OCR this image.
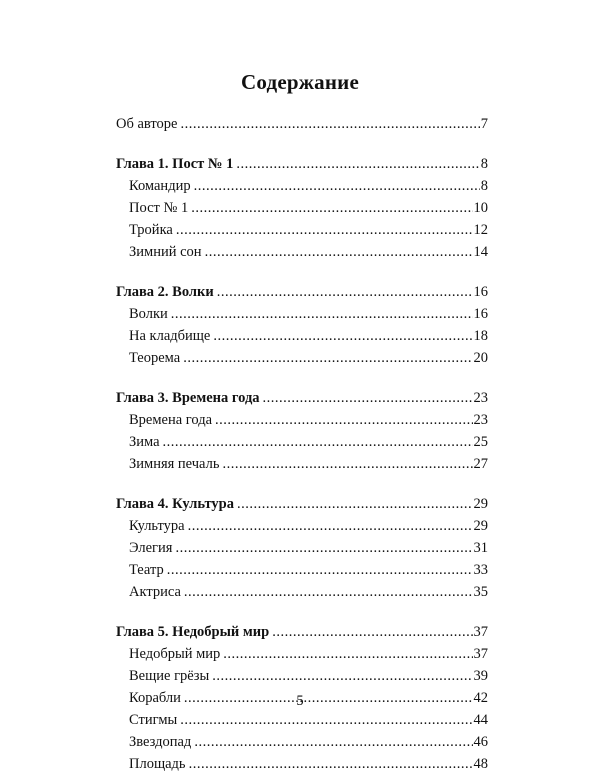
Содержание
Об авторе .....	7
Глава 1. Пост № 1 .....	8
Командир .....	8
Пост № 1 .....	10
Тройка .....	12
Зимний сон .....	14
Глава 2. Волки .....	16
Волки .....	16
На кладбище .....	18
Теорема .....	20
Глава 3. Времена года .....	23
Времена года .....	23
Зима .....	25
Зимняя печаль .....	27
Глава 4. Культура .....	29
Культура .....	29
Элегия .....	31
Театр .....	33
Актриса .....	35
Глава 5. Недобрый мир .....	37
Недобрый мир .....	37
Вещие грёзы .....	39
Корабли .....	42
Стигмы .....	44
Звездопад .....	46
Площадь .....	48
5
